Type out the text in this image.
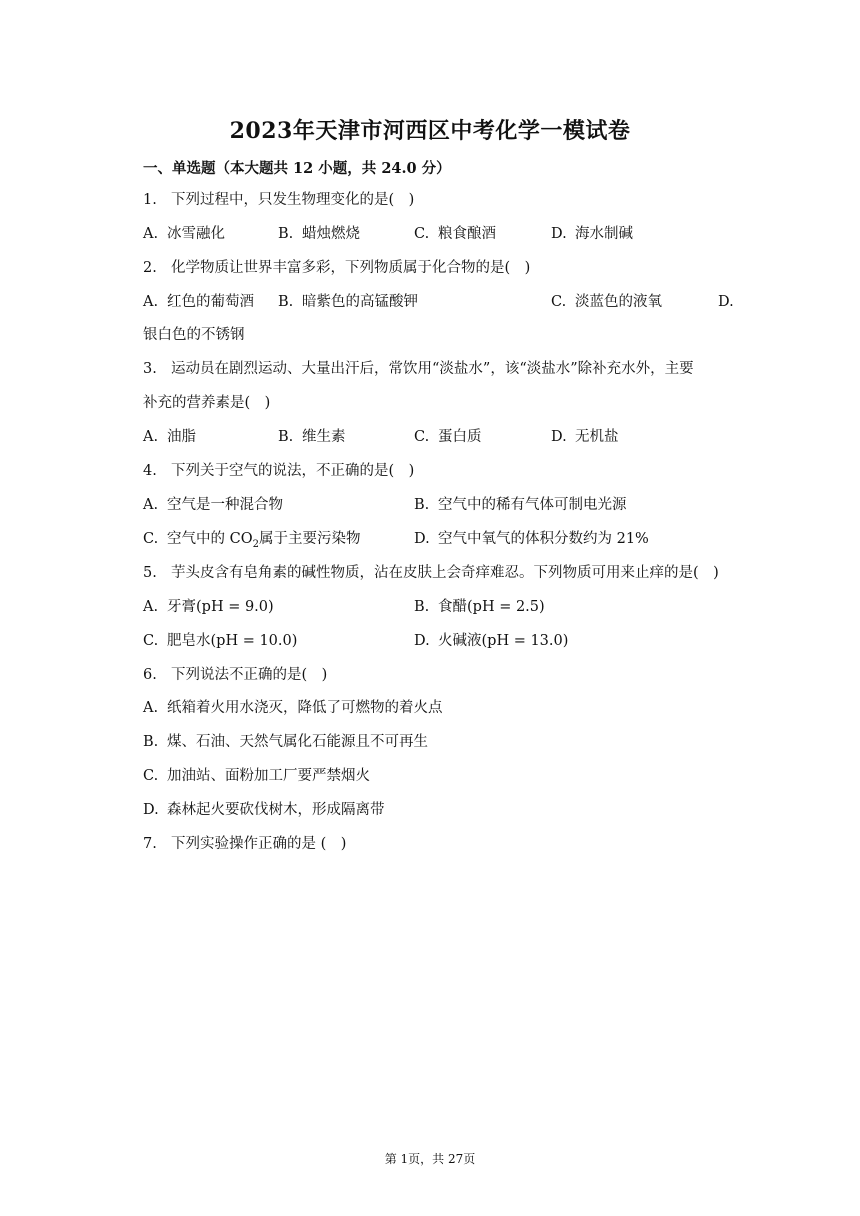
2023年天津市河西区中考化学一模试卷
一、单选题（本大题共 12 小题，共 24.0 分）
1. 下列过程中，只发生物理变化的是(　)
A. 冰雪融化	B. 蜡烛燃烧	C. 粮食酿酒	D. 海水制碱
2. 化学物质让世界丰富多彩，下列物质属于化合物的是(　)
A. 红色的葡萄酒 B. 暗紫色的高锰酸钾	C. 淡蓝色的液氧	D.
银白色的不锈钢
3. 运动员在剧烈运动、大量出汗后，常饮用“淡盐水”，该“淡盐水”除补充水外，主要
补充的营养素是(　)
A. 油脂	B. 维生素	C. 蛋白质	D. 无机盐
4. 下列关于空气的说法，不正确的是(　)
A. 空气是一种混合物	B. 空气中的稀有气体可制电光源
C. 空气中的 $CO_2$属于主要污染物	D. 空气中氧气的体积分数约为 21%
5. 芋头皮含有皂角素的碱性物质，沾在皮肤上会奇痒难忍。下列物质可用来止痒的是(　)
A. 牙膏(pH = 9.0)	B. 食醋(pH = 2.5)
C. 肥皂水(pH = 10.0)	D. 火碱液(pH = 13.0)
6. 下列说法不正确的是(　)
A. 纸箱着火用水浇灭，降低了可燃物的着火点
B. 煤、石油、天然气属化石能源且不可再生
C. 加油站、面粉加工厂要严禁烟火
D. 森林起火要砍伐树木，形成隔离带
7. 下列实验操作正确的是 (　)
第 1页，共 27页
